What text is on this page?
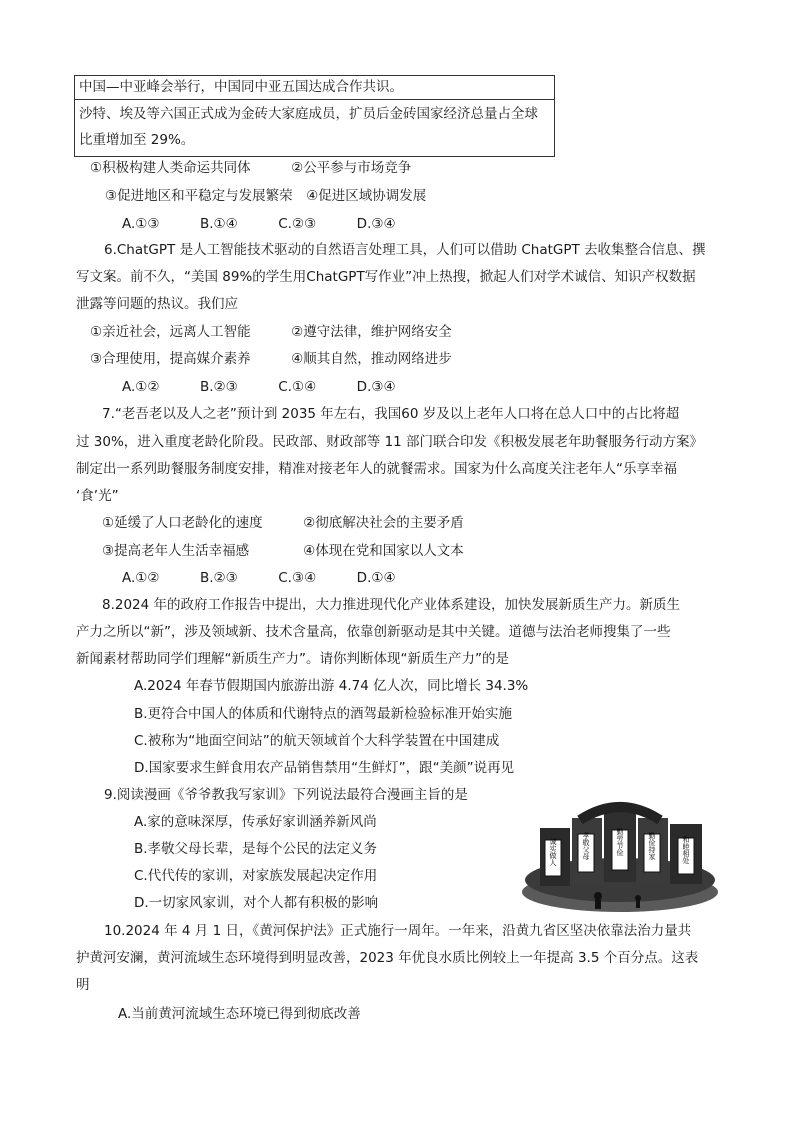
中国—中亚峰会举行，中国同中亚五国达成合作共识。
沙特、埃及等六国正式成为金砖大家庭成员，扩员后金砖国家经济总量占全球
比重增加至 29%。
①积极构建人类命运共同体　　　②公平参与市场竞争
③促进地区和平稳定与发展繁荣　④促进区域协调发展
A.①③　　　B.①④　　　C.②③　　　D.③④
6.ChatGPT 是人工智能技术驱动的自然语言处理工具，人们可以借助 ChatGPT 去收集整合信息、撰
写文案。前不久，“美国 89%的学生用ChatGPT写作业”冲上热搜，掀起人们对学术诚信、知识产权数据
泄露等问题的热议。我们应
①亲近社会，远离人工智能　　　②遵守法律，维护网络安全
③合理使用，提高媒介素养　　　④顺其自然，推动网络进步
A.①②　　　B.②③　　　C.①④　　　D.③④
7.“老吾老以及人之老”预计到 2035 年左右，我国60 岁及以上老年人口将在总人口中的占比将超
过 30%，进入重度老龄化阶段。民政部、财政部等 11 部门联合印发《积极发展老年助餐服务行动方案》
制定出一系列助餐服务制度安排，精准对接老年人的就餐需求。国家为什么高度关注老年人“乐享幸福
‘食’光”
①延缓了人口老龄化的速度　　　②彻底解决社会的主要矛盾
③提高老年人生活幸福感　　　　④体现在党和国家以人文本
A.①②　　　B.②③　　　C.③④　　　D.①④
8.2024 年的政府工作报告中提出，大力推进现代化产业体系建设，加快发展新质生产力。新质生
产力之所以“新”，涉及领域新、技术含量高，依靠创新驱动是其中关键。道德与法治老师搜集了一些
新闻素材帮助同学们理解“新质生产力”。请你判断体现“新质生产力”的是
A.2024 年春节假期国内旅游出游 4.74 亿人次，同比增长 34.3%
B.更符合中国人的体质和代谢特点的酒驾最新检验标准开始实施
C.被称为“地面空间站”的航天领域首个大科学装置在中国建成
D.国家要求生鲜食用农产品销售禁用“生鲜灯”，跟“美颜”说再见
9.阅读漫画《爷爷教我写家训》下列说法最符合漫画主旨的是
A.家的意味深厚，传承好家训涵养新风尚
B.孝敬父母长辈，是每个公民的法定义务
C.代代传的家训，对家族发展起决定作用
D.一切家风家训，对个人都有积极的影响
诚实做人	孝敬父母	勤劳节俭	勤俭持家	和睦相处
10.2024 年 4 月 1 日，《黄河保护法》正式施行一周年。一年来，沿黄九省区坚决依靠法治力量共
护黄河安澜，黄河流域生态环境得到明显改善，2023 年优良水质比例较上一年提高 3.5 个百分点。这表
明
A.当前黄河流域生态环境已得到彻底改善
